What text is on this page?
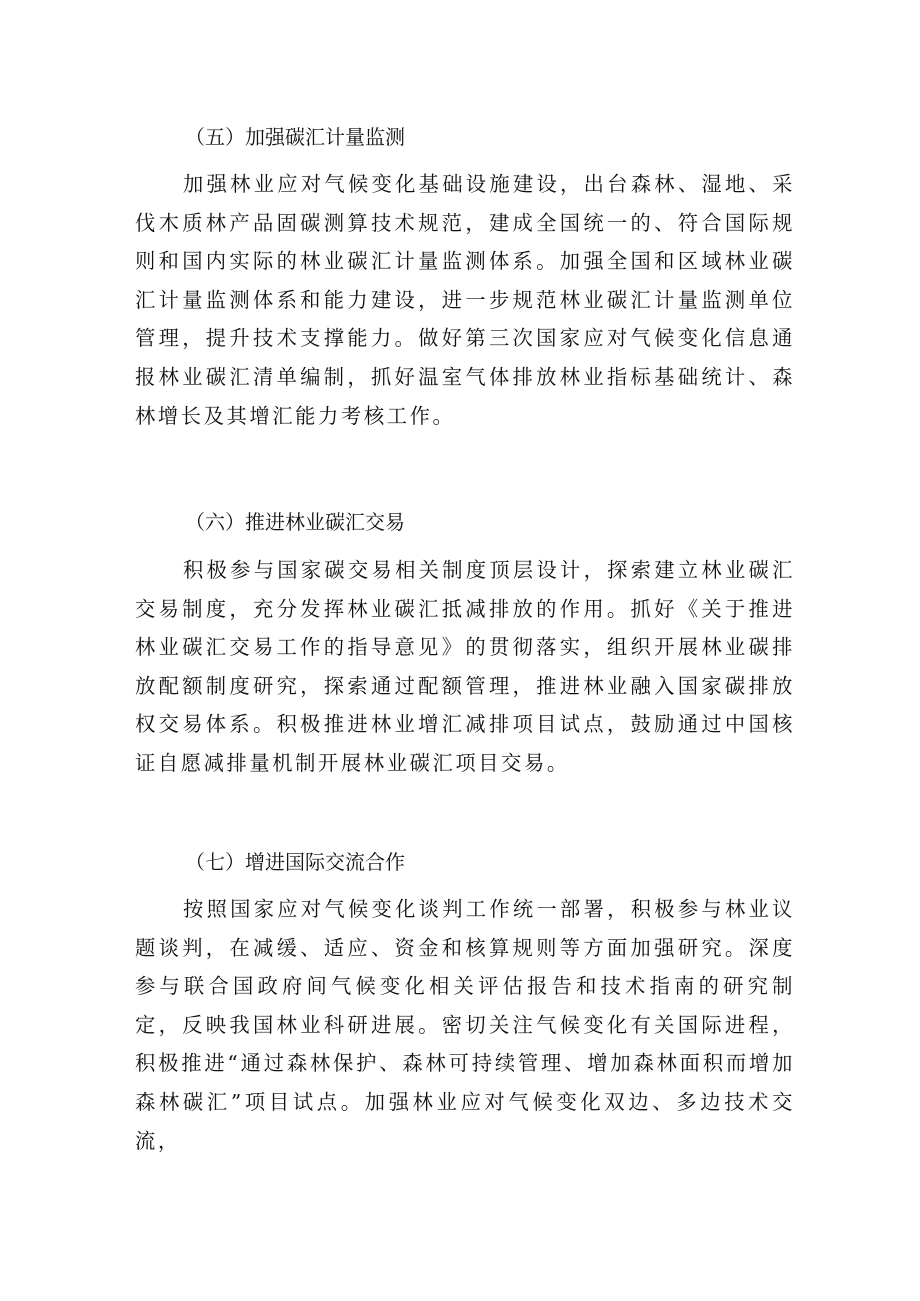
（五）加强碳汇计量监测

加强林业应对气候变化基础设施建设，出台森林、湿地、采伐木质林产品固碳测算技术规范，建成全国统一的、符合国际规则和国内实际的林业碳汇计量监测体系。加强全国和区域林业碳汇计量监测体系和能力建设，进一步规范林业碳汇计量监测单位管理，提升技术支撑能力。做好第三次国家应对气候变化信息通报林业碳汇清单编制，抓好温室气体排放林业指标基础统计、森林增长及其增汇能力考核工作。

（六）推进林业碳汇交易

积极参与国家碳交易相关制度顶层设计，探索建立林业碳汇交易制度，充分发挥林业碳汇抵减排放的作用。抓好《关于推进林业碳汇交易工作的指导意见》的贯彻落实，组织开展林业碳排放配额制度研究，探索通过配额管理，推进林业融入国家碳排放权交易体系。积极推进林业增汇减排项目试点，鼓励通过中国核证自愿减排量机制开展林业碳汇项目交易。

（七）增进国际交流合作

按照国家应对气候变化谈判工作统一部署，积极参与林业议题谈判，在减缓、适应、资金和核算规则等方面加强研究。深度参与联合国政府间气候变化相关评估报告和技术指南的研究制定，反映我国林业科研进展。密切关注气候变化有关国际进程，积极推进“通过森林保护、森林可持续管理、增加森林面积而增加森林碳汇”项目试点。加强林业应对气候变化双边、多边技术交流，
